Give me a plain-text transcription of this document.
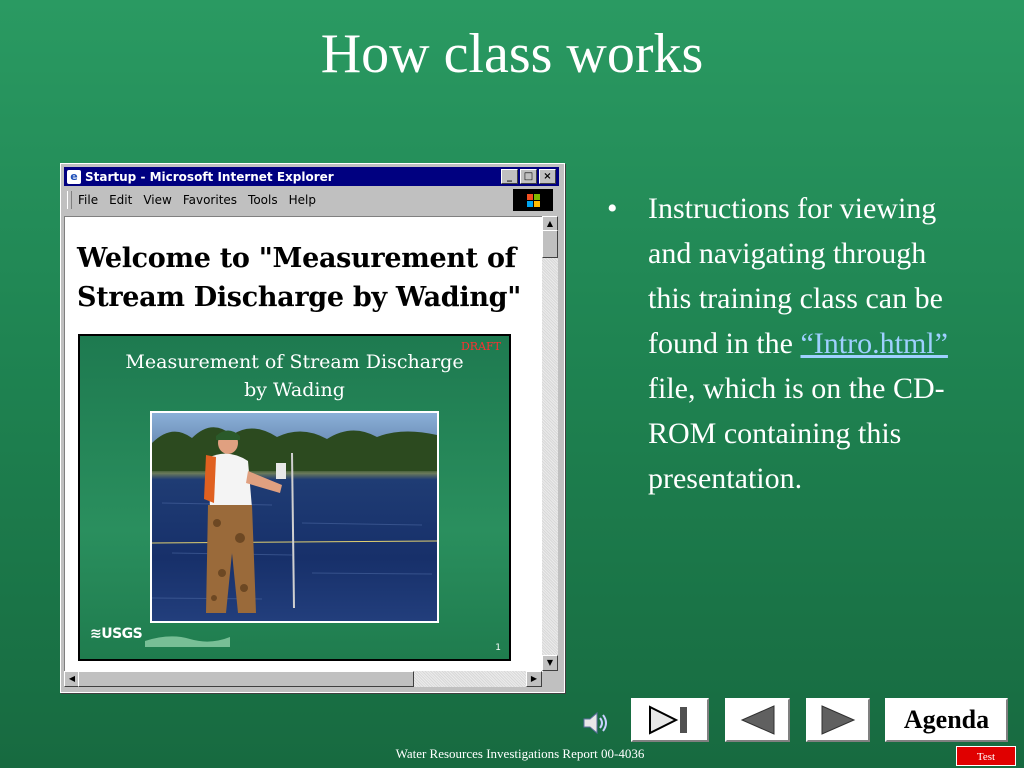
How class works
e Startup - Microsoft Internet Explorer	_	□	×
File Edit View Favorites Tools Help
Welcome to "Measurement of Stream Discharge by Wading"
DRAFT
Measurement of Stream Discharge
by Wading
≋USGS
1
▲
▼
◀	▶
• Instructions for viewing and navigating through this training class can be found in the “Intro.html” file, which is on the CD-ROM containing this presentation.
Agenda
Water Resources Investigations Report 00-4036	Test
